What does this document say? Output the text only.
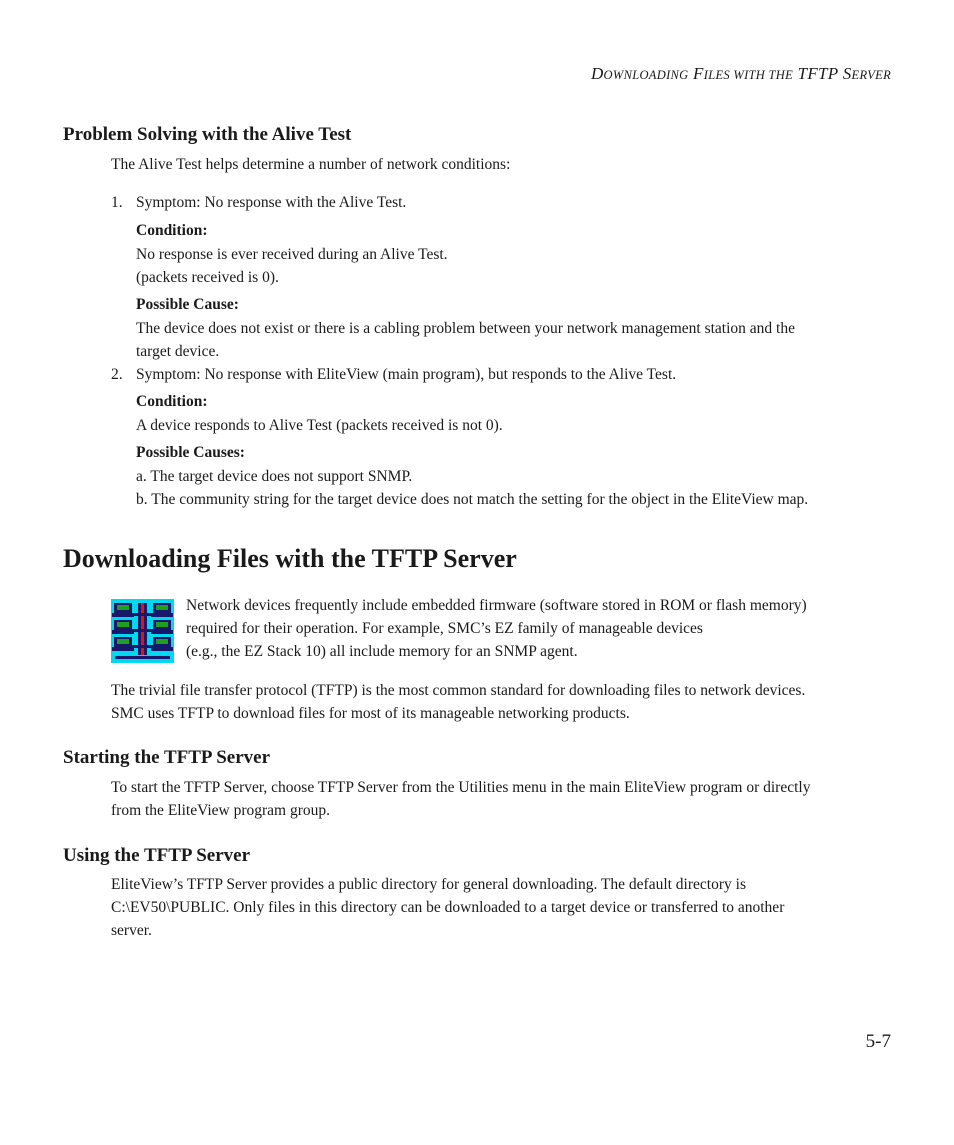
DOWNLOADING FILES WITH THE TFTP SERVER
Problem Solving with the Alive Test
The Alive Test helps determine a number of network conditions:
1. Symptom: No response with the Alive Test.
Condition:
No response is ever received during an Alive Test.
(packets received is 0).
Possible Cause:
The device does not exist or there is a cabling problem between your network management station and the
target device.
2. Symptom: No response with EliteView (main program), but responds to the Alive Test.
Condition:
A device responds to Alive Test (packets received is not 0).
Possible Causes:
a. The target device does not support SNMP.
b. The community string for the target device does not match the setting for the object in the EliteView map.
Downloading Files with the TFTP Server
Network devices frequently include embedded firmware (software stored in ROM or flash memory)
required for their operation. For example, SMC’s EZ family of manageable devices
(e.g., the EZ Stack 10) all include memory for an SNMP agent.
The trivial file transfer protocol (TFTP) is the most common standard for downloading files to network devices.
SMC uses TFTP to download files for most of its manageable networking products.
Starting the TFTP Server
To start the TFTP Server, choose TFTP Server from the Utilities menu in the main EliteView program or directly
from the EliteView program group.
Using the TFTP Server
EliteView’s TFTP Server provides a public directory for general downloading. The default directory is
C:\EV50\PUBLIC. Only files in this directory can be downloaded to a target device or transferred to another
server.
5-7
